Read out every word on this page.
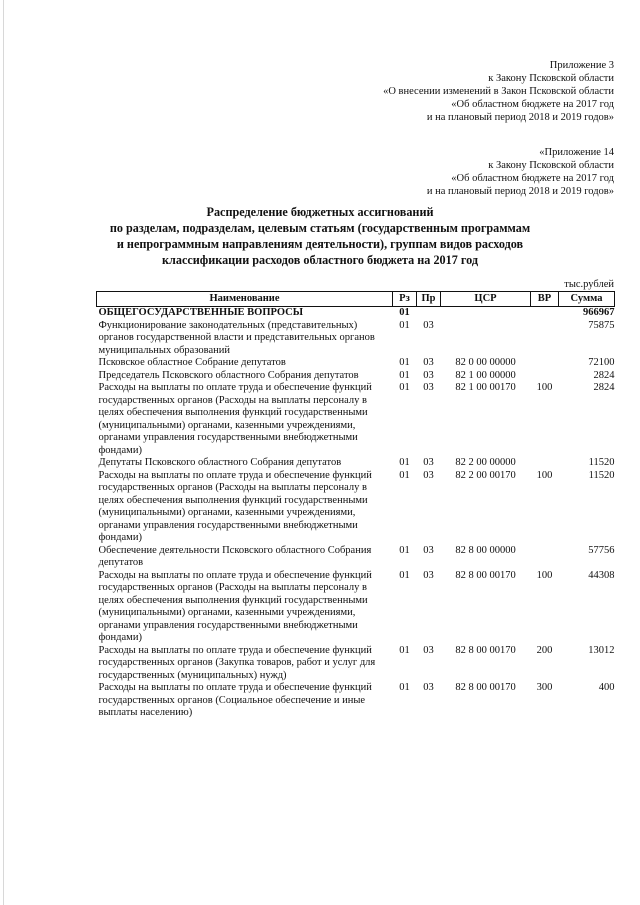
Приложение 3
к Закону Псковской области
«О внесении изменений в Закон Псковской области
«Об областном бюджете на 2017 год
и на плановый период 2018 и 2019 годов»
«Приложение 14
к Закону Псковской области
«Об областном бюджете на 2017 год
и на плановый период 2018 и 2019 годов»
Распределение бюджетных ассигнований
по разделам, подразделам, целевым статьям (государственным программам
и непрограммным направлениям деятельности), группам видов расходов
классификации расходов областного бюджета на 2017 год
тыс.рублей
Наименование	Рз	Пр	ЦСР	ВР	Сумма
ОБЩЕГОСУДАРСТВЕННЫЕ ВОПРОСЫ	01				966967
Функционирование законодательных (представительных) органов государственной власти и представительных органов муниципальных образований	01	03			75875
Псковское областное Собрание депутатов	01	03	82 0 00 00000		72100
Председатель Псковского областного Собрания депутатов	01	03	82 1 00 00000		2824
Расходы на выплаты по оплате труда и обеспечение функций государственных органов (Расходы на выплаты персоналу в целях обеспечения выполнения функций государственными (муниципальными) органами, казенными учреждениями, органами управления государственными внебюджетными фондами)	01	03	82 1 00 00170	100	2824
Депутаты Псковского областного Собрания депутатов	01	03	82 2 00 00000		11520
Расходы на выплаты по оплате труда и обеспечение функций государственных органов (Расходы на выплаты персоналу в целях обеспечения выполнения функций государственными (муниципальными) органами, казенными учреждениями, органами управления государственными внебюджетными фондами)	01	03	82 2 00 00170	100	11520
Обеспечение деятельности Псковского областного Собрания депутатов	01	03	82 8 00 00000		57756
Расходы на выплаты по оплате труда и обеспечение функций государственных органов (Расходы на выплаты персоналу в целях обеспечения выполнения функций государственными (муниципальными) органами, казенными учреждениями, органами управления государственными внебюджетными фондами)	01	03	82 8 00 00170	100	44308
Расходы на выплаты по оплате труда и обеспечение функций государственных органов (Закупка товаров, работ и услуг для государственных (муниципальных) нужд)	01	03	82 8 00 00170	200	13012
Расходы на выплаты по оплате труда и обеспечение функций государственных органов (Социальное обеспечение и иные выплаты населению)	01	03	82 8 00 00170	300	400
